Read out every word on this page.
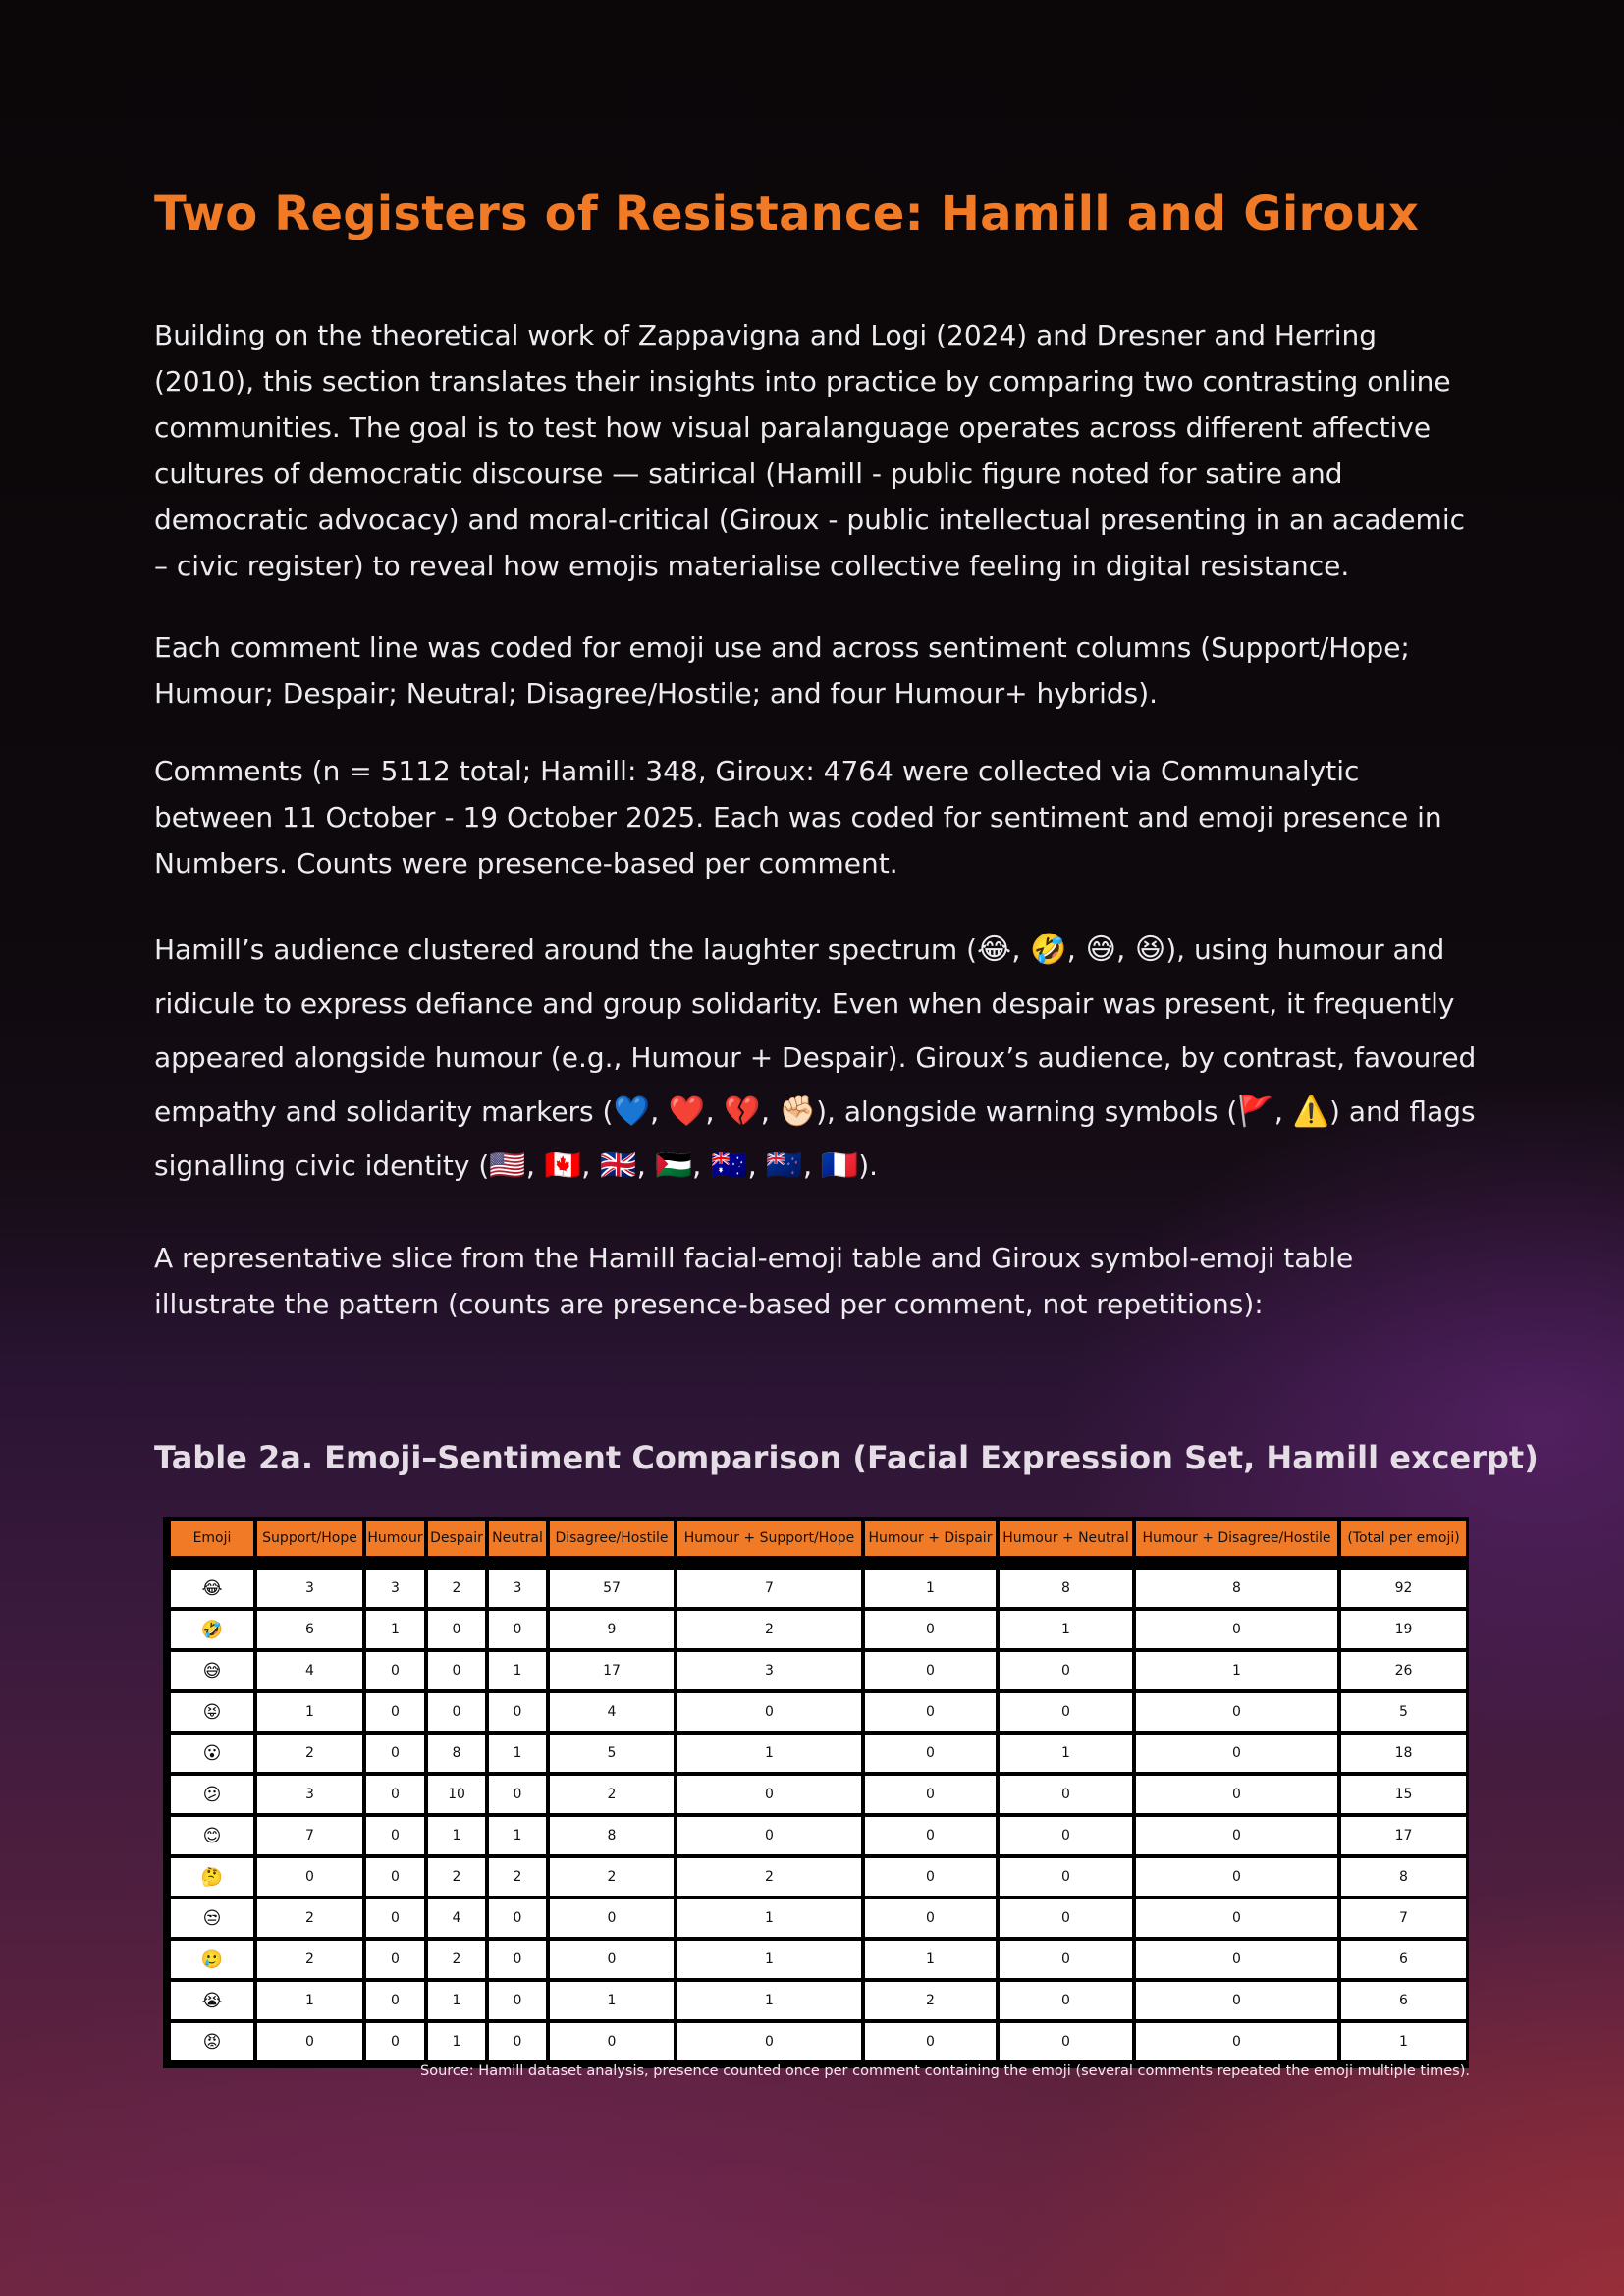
Two Registers of Resistance: Hamill and Giroux

Building on the theoretical work of Zappavigna and Logi (2024) and Dresner and Herring (2010), this section translates their insights into practice by comparing two contrasting online communities. The goal is to test how visual paralanguage operates across different affective cultures of democratic discourse — satirical (Hamill - public figure noted for satire and democratic advocacy) and moral-critical (Giroux - public intellectual presenting in an academic – civic register) to reveal how emojis materialise collective feeling in digital resistance.

Each comment line was coded for emoji use and across sentiment columns (Support/Hope; Humour; Despair; Neutral; Disagree/Hostile; and four Humour+ hybrids).

Comments (n = 5112 total; Hamill: 348, Giroux: 4764 were collected via Communalytic between 11 October - 19 October 2025. Each was coded for sentiment and emoji presence in Numbers. Counts were presence-based per comment.

Hamill’s audience clustered around the laughter spectrum (😂, 🤣, 😅, 😆), using humour and ridicule to express defiance and group solidarity. Even when despair was present, it frequently appeared alongside humour (e.g., Humour + Despair). Giroux’s audience, by contrast, favoured empathy and solidarity markers (💙, ❤️, 💔, ✊🏻), alongside warning symbols (🚩, ⚠️) and flags signalling civic identity (🇺🇸, 🇨🇦, 🇬🇧, 🇵🇸, 🇦🇺, 🇳🇿, 🇫🇷).

A representative slice from the Hamill facial-emoji table and Giroux symbol-emoji table illustrate the pattern (counts are presence-based per comment, not repetitions):

Table 2a. Emoji–Sentiment Comparison (Facial Expression Set, Hamill excerpt)
Emoji	Support/Hope	Humour	Despair	Neutral	Disagree/Hostile	Humour + Support/Hope	Humour + Dispair	Humour + Neutral	Humour + Disagree/Hostile	(Total per emoji)

😂	3	3	2	3	57	7	1	8	8	92
🤣	6	1	0	0	9	2	0	1	0	19
😅	4	0	0	1	17	3	0	0	1	26
😝	1	0	0	0	4	0	0	0	0	5
😮	2	0	8	1	5	1	0	1	0	18
😕	3	0	10	0	2	0	0	0	0	15
😊	7	0	1	1	8	0	0	0	0	17
🤔	0	0	2	2	2	2	0	0	0	8
😒	2	0	4	0	0	1	0	0	0	7
🥲	2	0	2	0	0	1	1	0	0	6
😭	1	0	1	0	1	1	2	0	0	6
😡	0	0	1	0	0	0	0	0	0	1

Source: Hamill dataset analysis, presence counted once per comment containing the emoji (several comments repeated the emoji multiple times).
